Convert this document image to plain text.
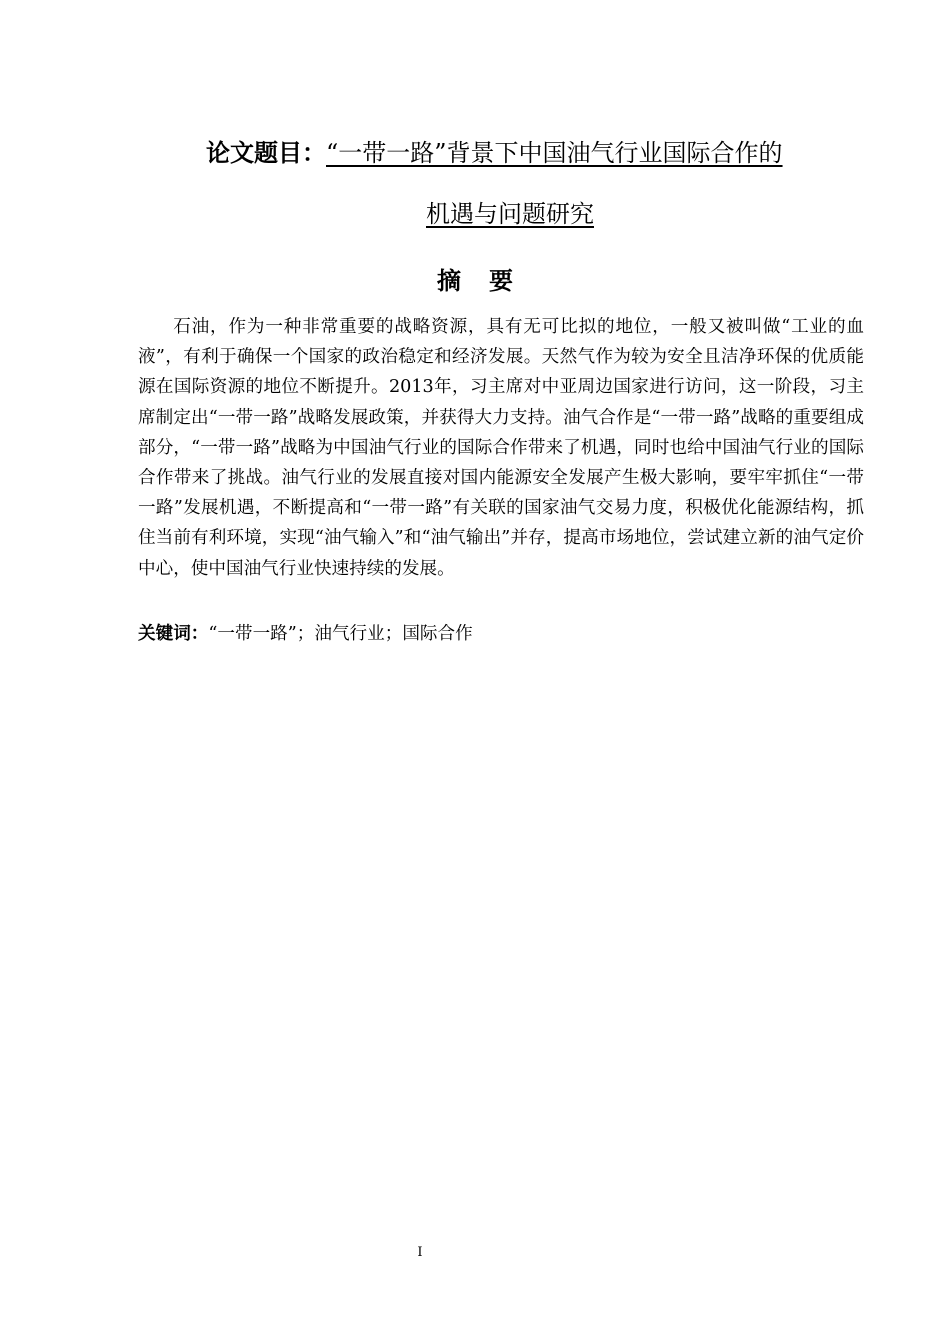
论文题目：“一带一路”背景下中国油气行业国际合作的
机遇与问题研究
摘要

石油，作为一种非常重要的战略资源，具有无可比拟的地位，一般又被叫做“工业的血液”，有利于确保一个国家的政治稳定和经济发展。天然气作为较为安全且洁净环保的优质能源在国际资源的地位不断提升。2013年，习主席对中亚周边国家进行访问，这一阶段，习主席制定出“一带一路”战略发展政策，并获得大力支持。油气合作是“一带一路”战略的重要组成部分，“一带一路”战略为中国油气行业的国际合作带来了机遇，同时也给中国油气行业的国际合作带来了挑战。油气行业的发展直接对国内能源安全发展产生极大影响，要牢牢抓住“一带一路”发展机遇，不断提高和“一带一路”有关联的国家油气交易力度，积极优化能源结构，抓住当前有利环境，实现“油气输入”和“油气输出”并存，提高市场地位，尝试建立新的油气定价中心，使中国油气行业快速持续的发展。

关键词：“一带一路”；油气行业；国际合作
I
